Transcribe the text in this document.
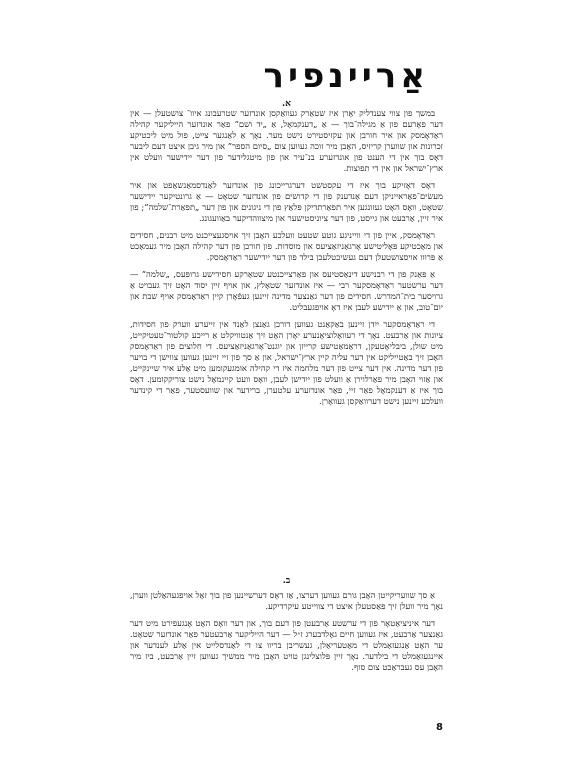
אַריינפיר
א.

במשך פון צווי צענדליק יאָרן איז שטאַרק געוואַקסן אונדזער שטרעבונג איוו־ צושטעלן — אין דער פאָרעם פון אַ מגילה־בוך — אַ „דענקמאָל, אַ „יד ושם” פאַר אונדזער הייליקער קהילה ראַדאָמסק און איר חורבן און עקזיסטירט נישט מער. נאָך אַ לאַנגער צייט, פול מיט ליכטיקע זכרונות און שווערן קריזיס, האָבן מיר זוכה געווען צום „סיום הספר” און מיר גיבן איצט דעם ליבער דאָס בוך אין די הענט פון אונדזערע בנ־עיר און פון מיטגלידער פון דער יידישער וועלט אין ארץ־ישראל און אין די תפוצות.

דאָס דאָזיקע בוך איז די עקסטשט דערגרייכונג פון אונדזער לאַנדסמאַנשאַפט און איר מעשׂים־פאַראייניקן דעם אָנדענק פון די קדושים פון אונדזער שטאָט — אַ גרונטיקער יידישער שטאָט, וואָס האָט געזונגען איר תפאַרתדיקן פּלאַץ פון די ניגונים און פון דער „תפאַרת־שלמה”; פון איר זיין, אַרבעט און גייסט, פון דער ציוניסטישער און מיצווהדיקער באַוועגונג.

ראַדאָמסק, איין פון די ווייניגע גוטע שטעט וועלכע האָבן זיך אויסגעצייכנט מיט רבנים, חסידים און מאַכטיקע פּאָליטישע אָרגאַניזאַציעס און מוסדות. פון חורבן פון דער קהילה האָבן מיר געמאַכט אַ פּרוּוו אויסצושטעלן דעם געשיכטלעכן בילד פון דער ייִדישער ראַדאָמסק.

אַ פּאַנק פון די רבנישע דינאַסטיעס און פאַרצייכנטע שטאַרקע חסידישע גרופּעס, „שלמה” — דער ערשטער ראַדאָמסקער רבי — איז אונדזער שטאָלץ, און אויף זיין יסוד האָט זיך געבויט אַ גרויסער בית־המדרש. חסידים פון דער גאַנצער מדינה זיינען געפֿאָרן קיין ראַדאָמסק אויף שבת און יום־טוב, און אַ ייִדישע לעבן איז דאָ אויפגעבליט.

די ראַדאָמסקער ייִדן זיינען באַקאַנט געווען דורכן גאַנצן לאַנד אין זייערע ווערק פון חסידות, ציונות און אַרבעט. נאָך די רעוואָלוציאָנערע יאָרן האָט זיך אַנטוויקלט אַ רייכע קולטור־טעטיקייט, מיט שולן, ביבליאָטעקן, דראַמאַטישע קרייזן און יוגנט־אָרגאַניזאַציעס. די חלוצים פון ראַדאָמסק האָבן זיך באַטייליקט אין דער עליה קיין ארץ־ישראל, און אַ סך פון זיי זיינען געווען צווישן די בויער פון דער מדינה. אין דער צייט פון דער מלחמה איז די קהילה אומגעקומען מיט אַלע איר שיינקייט, און אַזוי האָבן מיר פאַרלוירן אַ וועלט פון ייִדישן לעבן, וואָס וועט קיינמאָל נישט צוריקקומען. דאָס בוך איז אַ דענקמאָל פאַר זיי, פאַר אונדזערע עלטערן, ברידער און שוועסטער, פאַר די קינדער וועלכע זיינען נישט דערוואַקסן געוואָרן.

ב.

אַ סך שוועריקייטן האָבן גורם געווען דערצו, אַז דאָס דערשיינען פון בוך זאָל אויפגעהאַלטן ווערן, נאָך מיר וועלן זיך פּאַסטעלן איצט די צווייטע עיקרדיקע.

דער איניציאַטאָר פון די ערשטע אַרבעטן פון דעם בוך, און דער וואָס האָט אָנגעפירט מיט דער גאַנצער אַרבעט, איז געווען חיים גאָלדבערג ז״ל — דער הייליקער אַרבעטער פאַר אונדזער שטאָט. ער האָט אַנגעזאַמלט די מאַטעריאַלן, געשריבן בריוו צו די לאַנדסלייט אין אַלע לענדער און איינגעזאַמלט די בילדער. נאָך זיין פּלוצלינגן טויט האָבן מיר ממשיך געווען זיין אַרבעט, ביז מיר האָבן עס געבראַכט צום סוף.

8
